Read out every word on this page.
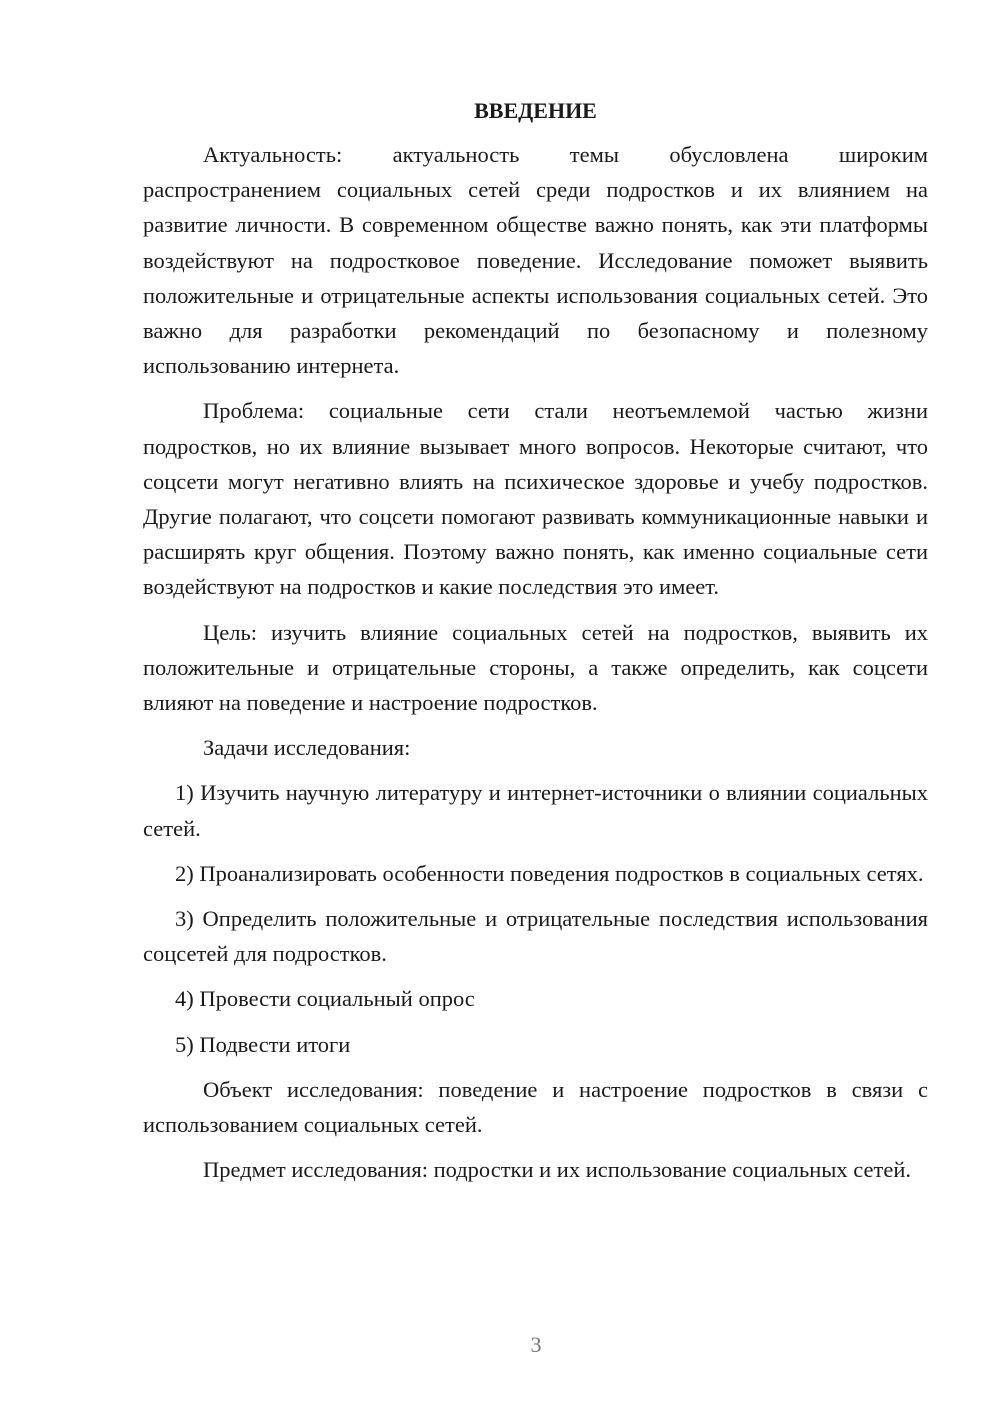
ВВЕДЕНИЕ

Актуальность: актуальность темы обусловлена широким распространением социальных сетей среди подростков и их влиянием на развитие личности. В современном обществе важно понять, как эти платформы воздействуют на подростковое поведение. Исследование поможет выявить положительные и отрицательные аспекты использования социальных сетей. Это важно для разработки рекомендаций по безопасному и полезному использованию интернета.

Проблема: социальные сети стали неотъемлемой частью жизни подростков, но их влияние вызывает много вопросов. Некоторые считают, что соцсети могут негативно влиять на психическое здоровье и учебу подростков. Другие полагают, что соцсети помогают развивать коммуникационные навыки и расширять круг общения. Поэтому важно понять, как именно социальные сети воздействуют на подростков и какие последствия это имеет.

Цель: изучить влияние социальных сетей на подростков, выявить их положительные и отрицательные стороны, а также определить, как соцсети влияют на поведение и настроение подростков.

Задачи исследования:

1) Изучить научную литературу и интернет-источники о влиянии социальных сетей.

2) Проанализировать особенности поведения подростков в социальных сетях.

3) Определить положительные и отрицательные последствия использования соцсетей для подростков.

4) Провести социальный опрос

5) Подвести итоги

Объект исследования: поведение и настроение подростков в связи с использованием социальных сетей.

Предмет исследования: подростки и их использование социальных сетей.

3
